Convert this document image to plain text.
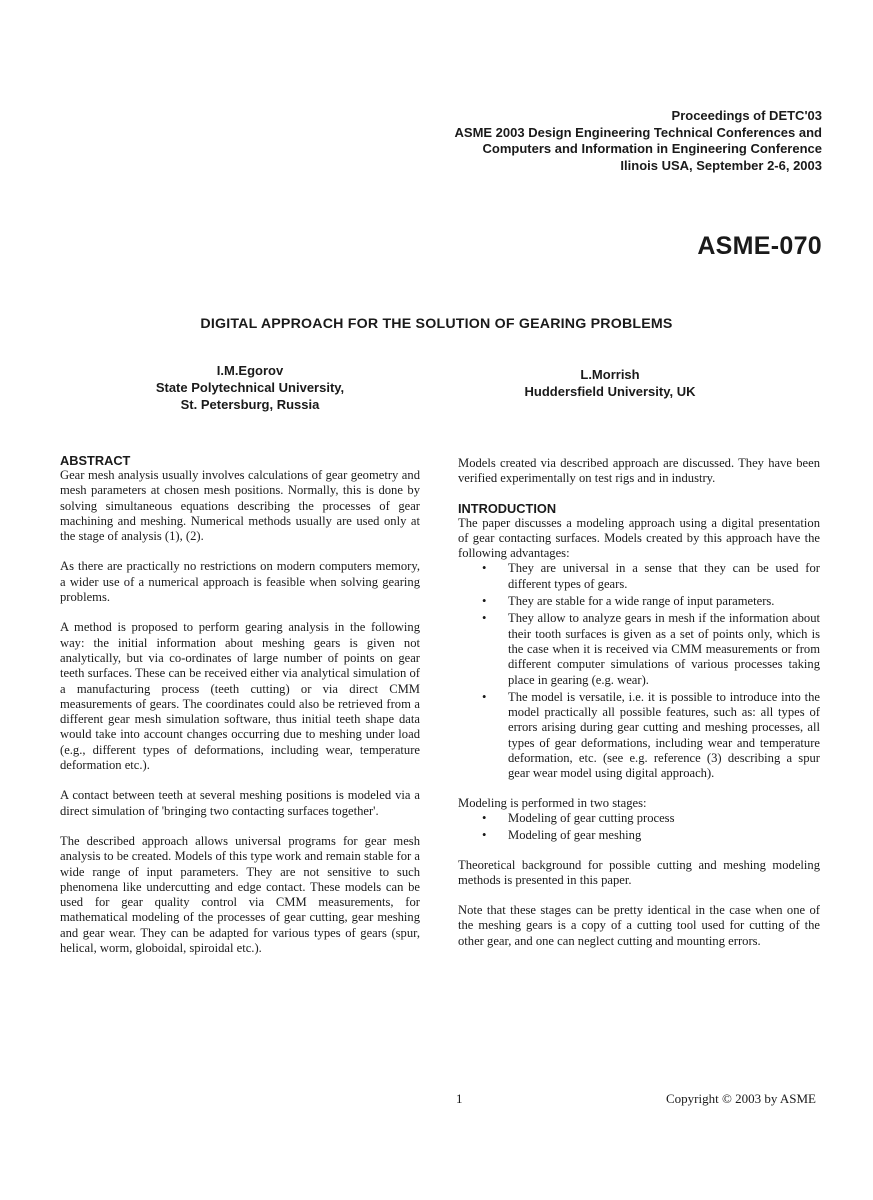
Proceedings of DETC'03
ASME 2003 Design Engineering Technical Conferences and
Computers and Information in Engineering Conference
Ilinois USA, September 2-6, 2003
ASME-070
DIGITAL APPROACH FOR THE SOLUTION OF GEARING PROBLEMS
I.M.Egorov
State Polytechnical University,
St. Petersburg, Russia
L.Morrish
Huddersfield University, UK
ABSTRACT

Gear mesh analysis usually involves calculations of gear geometry and mesh parameters at chosen mesh positions. Normally, this is done by solving simultaneous equations describing the processes of gear machining and meshing. Numerical methods usually are used only at the stage of analysis (1), (2).

As there are practically no restrictions on modern computers memory, a wider use of a numerical approach is feasible when solving gearing problems.

A method is proposed to perform gearing analysis in the following way: the initial information about meshing gears is given not analytically, but via co-ordinates of large number of points on gear teeth surfaces. These can be received either via analytical simulation of a manufacturing process (teeth cutting) or via direct CMM measurements of gears. The coordinates could also be retrieved from a different gear mesh simulation software, thus initial teeth shape data would take into account changes occurring due to meshing under load (e.g., different types of deformations, including wear, temperature deformation etc.).

A contact between teeth at several meshing positions is modeled via a direct simulation of 'bringing two contacting surfaces together'.

The described approach allows universal programs for gear mesh analysis to be created. Models of this type work and remain stable for a wide range of input parameters. They are not sensitive to such phenomena like undercutting and edge contact. These models can be used for gear quality control via CMM measurements, for mathematical modeling of the processes of gear cutting, gear meshing and gear wear. They can be adapted for various types of gears (spur, helical, worm, globoidal, spiroidal etc.).

Models created via described approach are discussed. They have been verified experimentally on test rigs and in industry.

INTRODUCTION

The paper discusses a modeling approach using a digital presentation of gear contacting surfaces. Models created by this approach have the following advantages:

• They are universal in a sense that they can be used for different types of gears.
• They are stable for a wide range of input parameters.
• They allow to analyze gears in mesh if the information about their tooth surfaces is given as a set of points only, which is the case when it is received via CMM measurements or from different computer simulations of various processes taking place in gearing (e.g. wear).
• The model is versatile, i.e. it is possible to introduce into the model practically all possible features, such as: all types of errors arising during gear cutting and meshing processes, all types of gear deformations, including wear and temperature deformation, etc. (see e.g. reference (3) describing a spur gear wear model using digital approach).

Modeling is performed in two stages:

• Modeling of gear cutting process
• Modeling of gear meshing

Theoretical background for possible cutting and meshing modeling methods is presented in this paper.

Note that these stages can be pretty identical in the case when one of the meshing gears is a copy of a cutting tool used for cutting of the other gear, and one can neglect cutting and mounting errors.

1	Copyright © 2003 by ASME
